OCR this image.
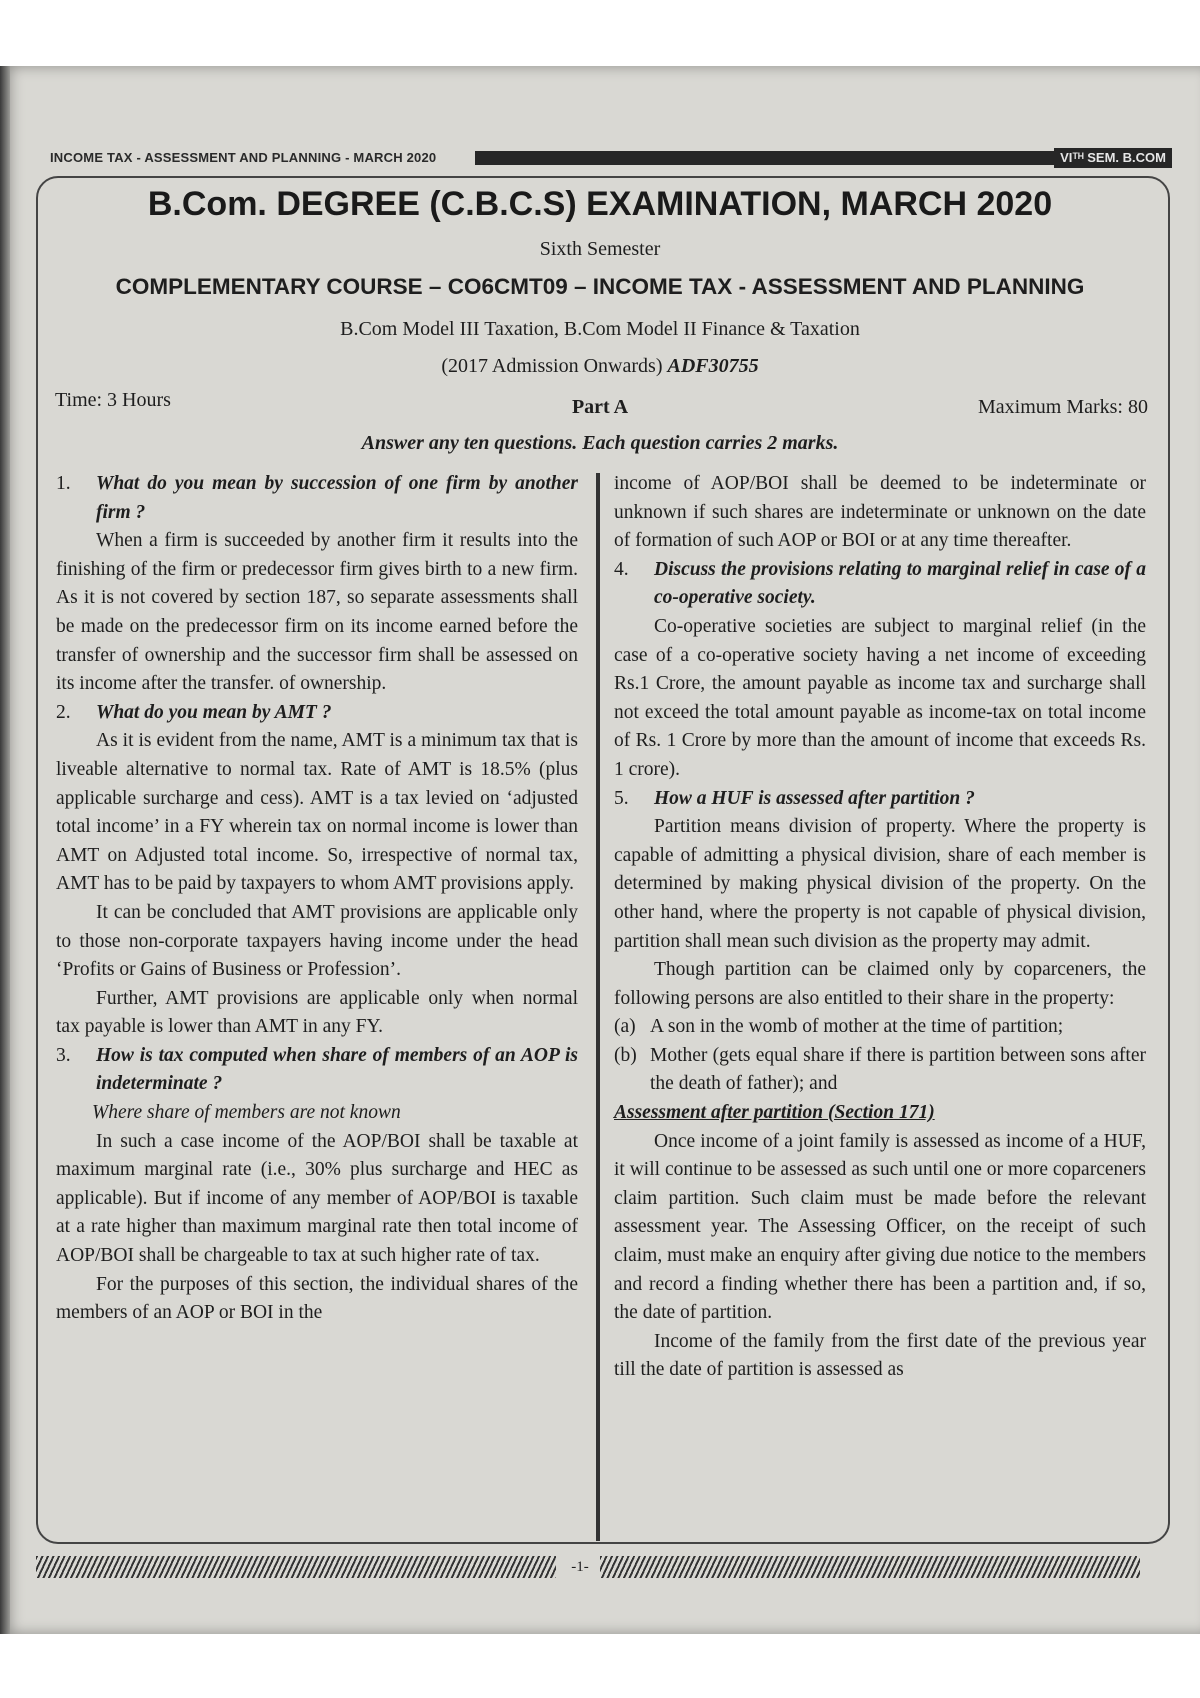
INCOME TAX - ASSESSMENT AND PLANNING - MARCH 2020	VIᵀᴴ SEM. B.COM
B.Com. DEGREE (C.B.C.S) EXAMINATION, MARCH 2020
Sixth Semester
COMPLEMENTARY COURSE – CO6CMT09 – INCOME TAX - ASSESSMENT AND PLANNING
B.Com Model III Taxation, B.Com Model II Finance & Taxation
(2017 Admission Onwards) ADF30755
Time: 3 Hours	Part A	Maximum Marks: 80
Answer any ten questions. Each question carries 2 marks.
1. What do you mean by succession of one firm by another firm ?

When a firm is succeeded by another firm it results into the finishing of the firm or predecessor firm gives birth to a new firm. As it is not covered by section 187, so separate assessments shall be made on the predecessor firm on its income earned before the transfer of ownership and the successor firm shall be assessed on its income after the transfer. of ownership.

2. What do you mean by AMT ?

As it is evident from the name, AMT is a minimum tax that is liveable alternative to normal tax. Rate of AMT is 18.5% (plus applicable surcharge and cess). AMT is a tax levied on ‘adjusted total income’ in a FY wherein tax on normal income is lower than AMT on Adjusted total income. So, irrespective of normal tax, AMT has to be paid by taxpayers to whom AMT provisions apply.

It can be concluded that AMT provisions are applicable only to those non-corporate taxpayers having income under the head ‘Profits or Gains of Business or Profession’.

Further, AMT provisions are applicable only when normal tax payable is lower than AMT in any FY.

3. How is tax computed when share of members of an AOP is indeterminate ?
Where share of members are not known

In such a case income of the AOP/BOI shall be taxable at maximum marginal rate (i.e., 30% plus surcharge and HEC as applicable). But if income of any member of AOP/BOI is taxable at a rate higher than maximum marginal rate then total income of AOP/BOI shall be chargeable to tax at such higher rate of tax.

For the purposes of this section, the individual shares of the members of an AOP or BOI in the

income of AOP/BOI shall be deemed to be indeterminate or unknown if such shares are indeterminate or unknown on the date of formation of such AOP or BOI or at any time thereafter.

4. Discuss the provisions relating to marginal relief in case of a co-operative society.

Co-operative societies are subject to marginal relief (in the case of a co-operative society having a net income of exceeding Rs.1 Crore, the amount payable as income tax and surcharge shall not exceed the total amount payable as income-tax on total income of Rs. 1 Crore by more than the amount of income that exceeds Rs. 1 crore).

5. How a HUF is assessed after partition ?

Partition means division of property. Where the property is capable of admitting a physical division, share of each member is determined by making physical division of the property. On the other hand, where the property is not capable of physical division, partition shall mean such division as the property may admit.

Though partition can be claimed only by coparceners, the following persons are also entitled to their share in the property:

(a) A son in the womb of mother at the time of partition;
(b) Mother (gets equal share if there is partition between sons after the death of father); and
Assessment after partition (Section 171)

Once income of a joint family is assessed as income of a HUF, it will continue to be assessed as such until one or more coparceners claim partition. Such claim must be made before the relevant assessment year. The Assessing Officer, on the receipt of such claim, must make an enquiry after giving due notice to the members and record a finding whether there has been a partition and, if so, the date of partition.

Income of the family from the first date of the previous year till the date of partition is assessed as

-1-
